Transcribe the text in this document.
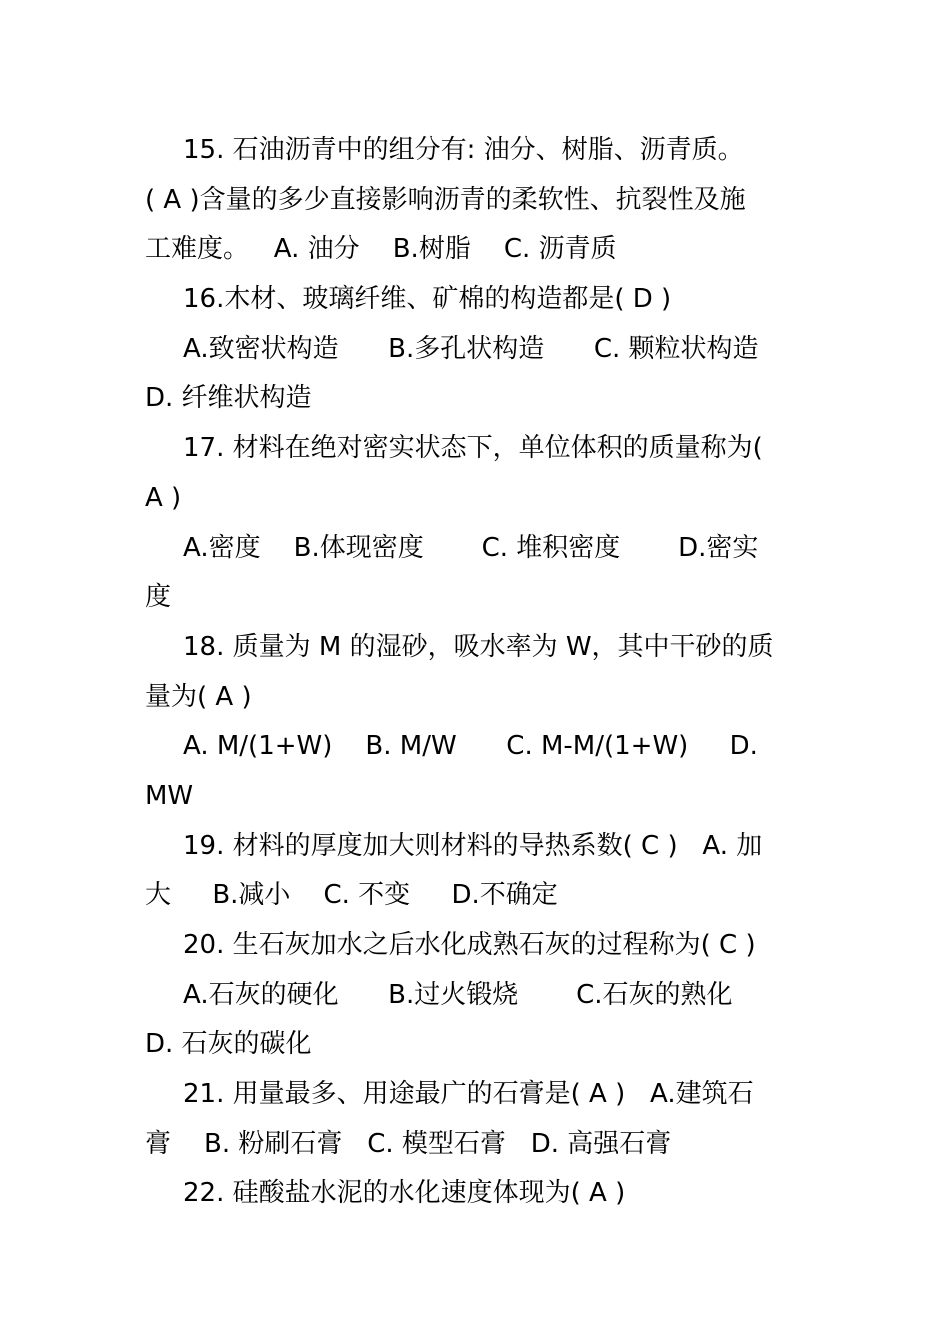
15. 石油沥青中的组分有: 油分、树脂、沥青质。
( A )含量的多少直接影响沥青的柔软性、抗裂性及施
工难度。   A. 油分    B.树脂    C. 沥青质
16.木材、玻璃纤维、矿棉的构造都是( D )
A.致密状构造      B.多孔状构造      C. 颗粒状构造
D. 纤维状构造
17. 材料在绝对密实状态下，单位体积的质量称为(
A )
A.密度    B.体现密度       C. 堆积密度       D.密实
度
18. 质量为 M 的湿砂，吸水率为 W，其中干砂的质
量为( A )
A. M/(1+W)    B. M/W      C. M-M/(1+W)     D.
MW
19. 材料的厚度加大则材料的导热系数( C )   A. 加
大     B.减小    C. 不变     D.不确定
20. 生石灰加水之后水化成熟石灰的过程称为( C )
A.石灰的硬化      B.过火锻烧       C.石灰的熟化
D. 石灰的碳化
21. 用量最多、用途最广的石膏是( A )   A.建筑石
膏    B. 粉刷石膏   C. 模型石膏   D. 高强石膏
22. 硅酸盐水泥的水化速度体现为( A )
